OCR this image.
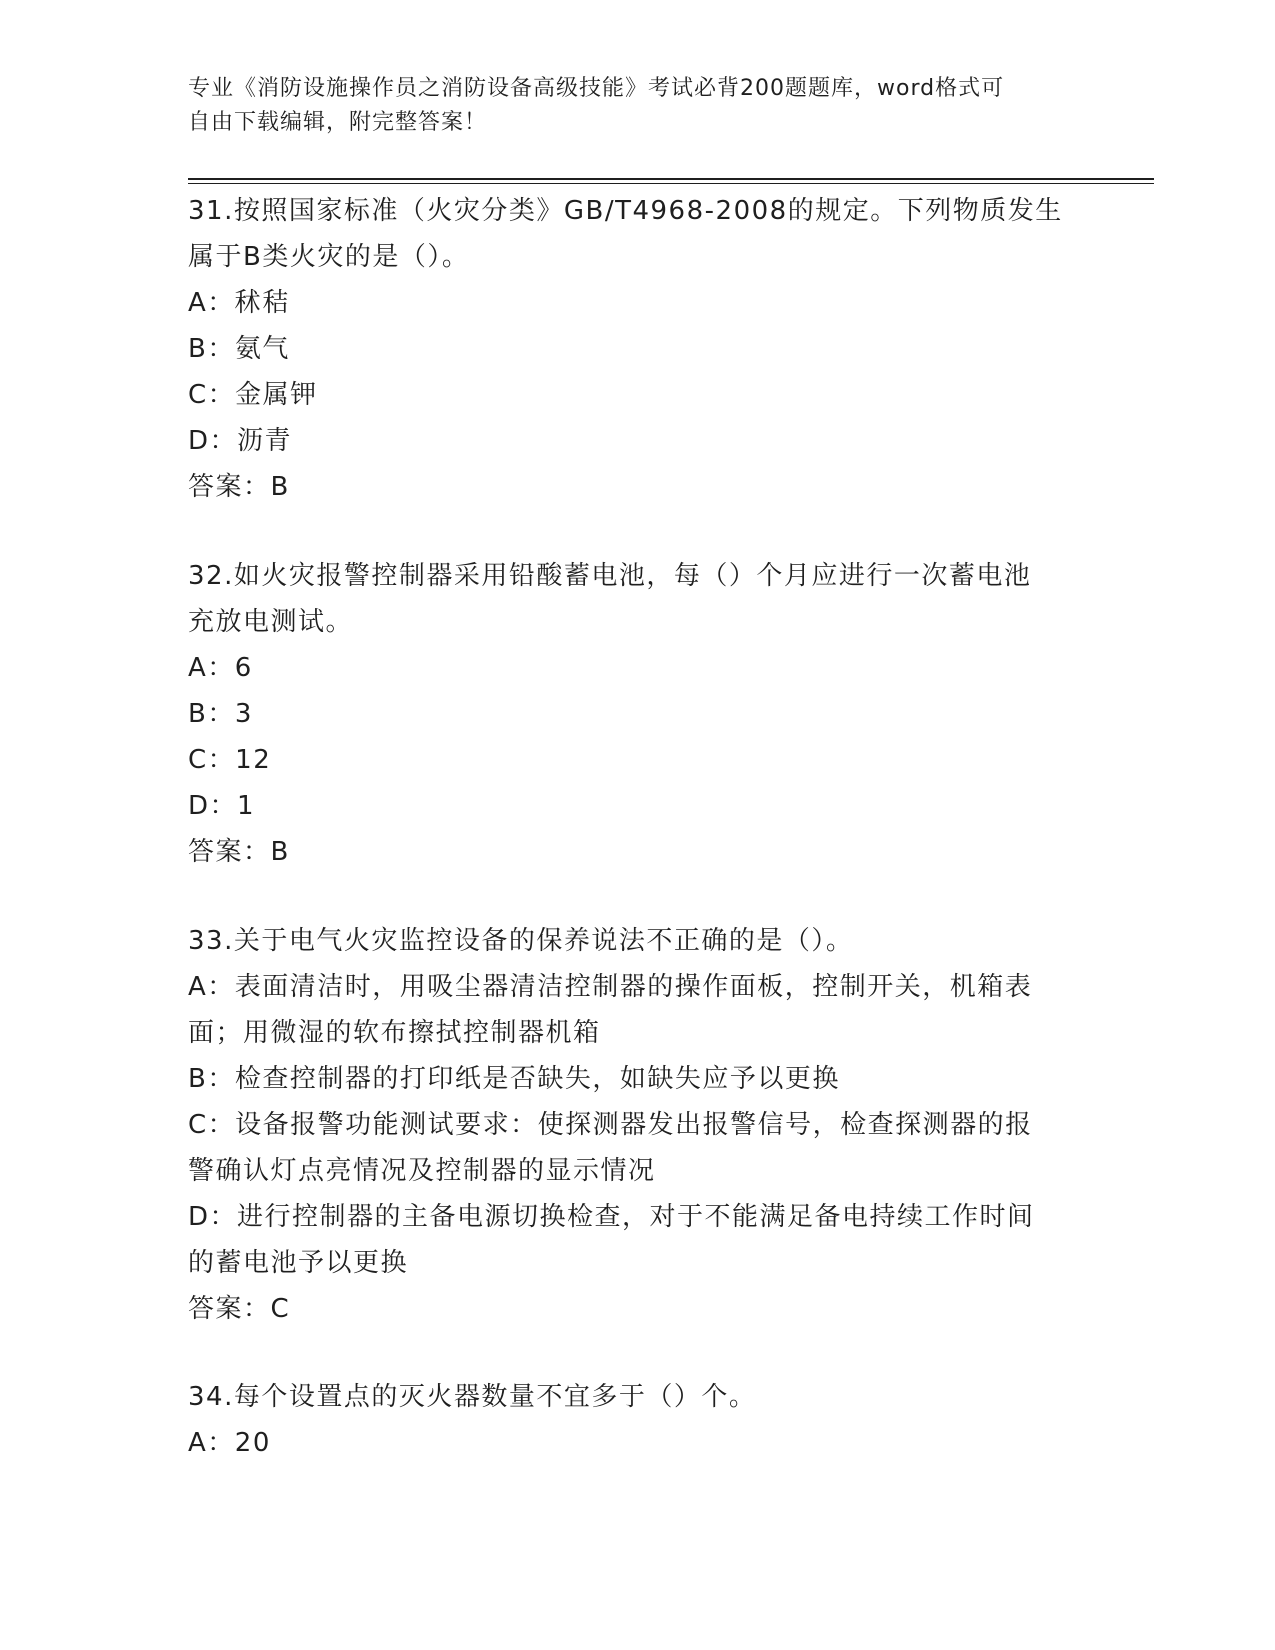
专业《消防设施操作员之消防设备高级技能》考试必背200题题库，word格式可
自由下载编辑，附完整答案！
31.按照国家标准（火灾分类》GB/T4968-2008的规定。下列物质发生
属于B类火灾的是（）。
A：秫秸
B：氨气
C：金属钾
D：沥青
答案：B
32.如火灾报警控制器采用铅酸蓄电池，每（）个月应进行一次蓄电池
充放电测试。
A：6
B：3
C：12
D：1
答案：B
33.关于电气火灾监控设备的保养说法不正确的是（）。
A：表面清洁时，用吸尘器清洁控制器的操作面板，控制开关，机箱表
面；用微湿的软布擦拭控制器机箱
B：检查控制器的打印纸是否缺失，如缺失应予以更换
C：设备报警功能测试要求：使探测器发出报警信号，检查探测器的报
警确认灯点亮情况及控制器的显示情况
D：进行控制器的主备电源切换检查，对于不能满足备电持续工作时间
的蓄电池予以更换
答案：C
34.每个设置点的灭火器数量不宜多于（）个。
A：20
